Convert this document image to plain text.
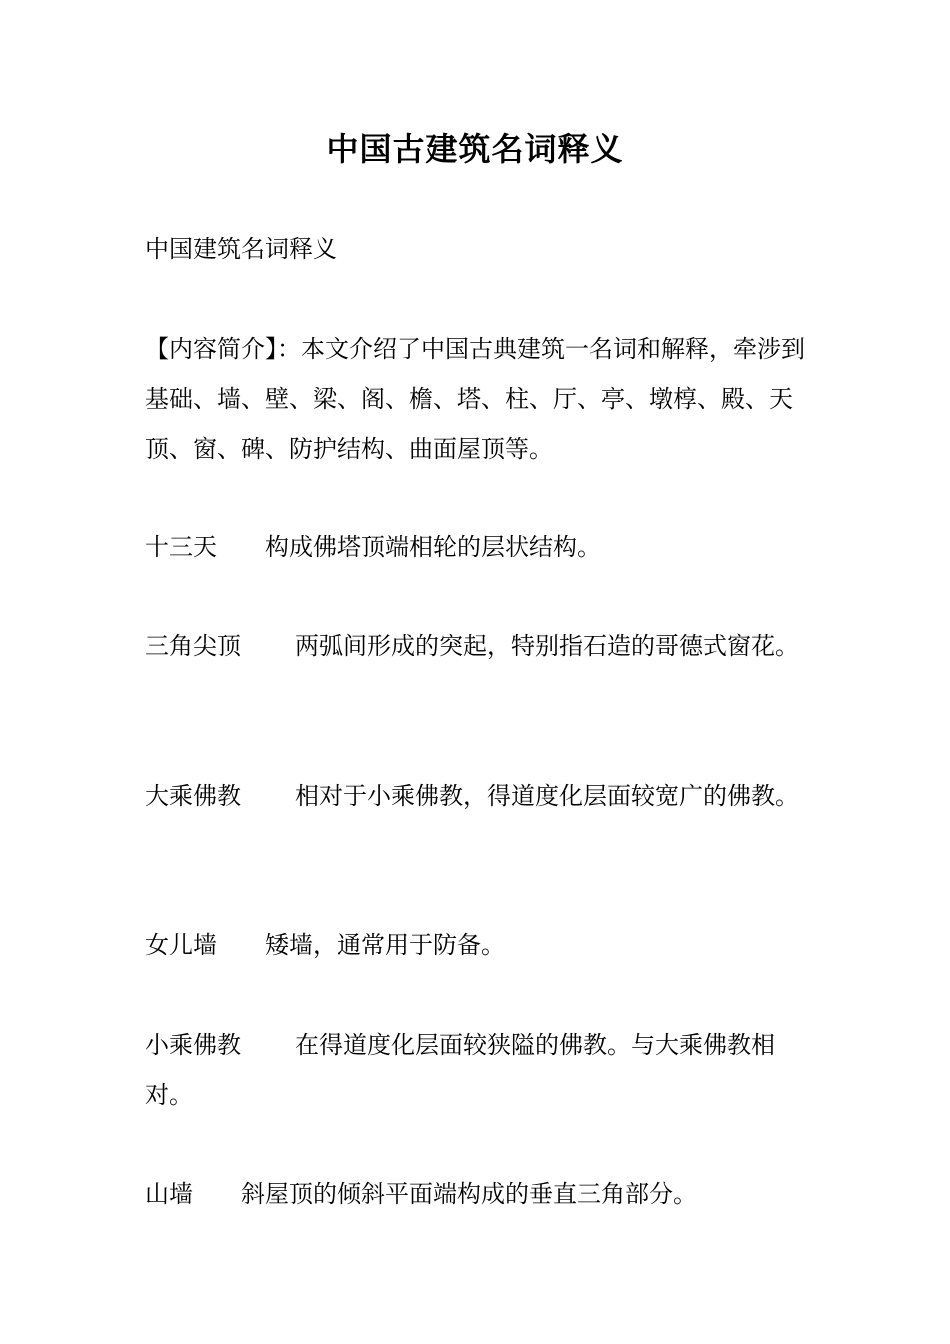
中国古建筑名词释义

中国建筑名词释义

【内容简介】：本文介绍了中国古典建筑一名词和解释，牵涉到基础、墙、壁、梁、阁、檐、塔、柱、厅、亭、墩椁、殿、天顶、窗、碑、防护结构、曲面屋顶等。

十三天 构成佛塔顶端相轮的层状结构。

三角尖顶 两弧间形成的突起，特别指石造的哥德式窗花。

大乘佛教 相对于小乘佛教，得道度化层面较宽广的佛教。

女儿墙 矮墙，通常用于防备。

小乘佛教 在得道度化层面较狭隘的佛教。与大乘佛教相对。

山墙 斜屋顶的倾斜平面端构成的垂直三角部分。
